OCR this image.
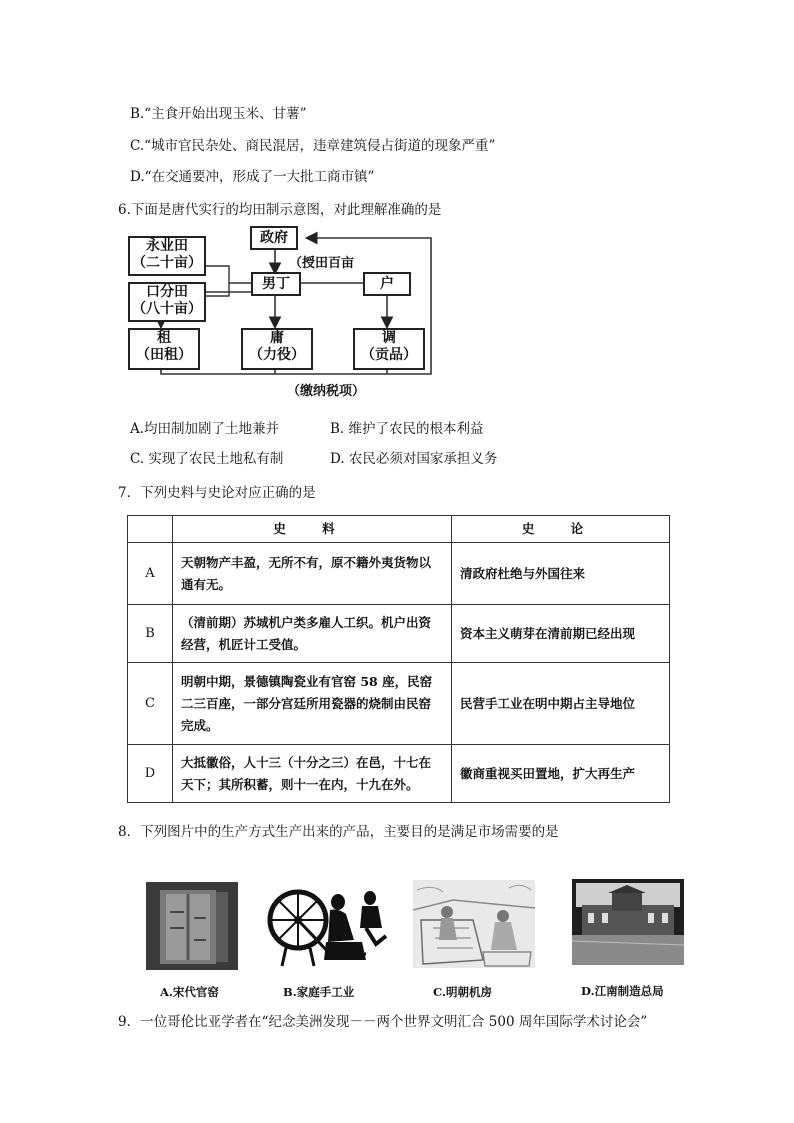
B.“主食开始出现玉米、甘薯”
C.“城市官民杂处、商民混居，违章建筑侵占街道的现象严重”
D.“在交通要冲，形成了一大批工商市镇”
6.下面是唐代实行的均田制示意图，对此理解准确的是
政府
（授田百亩
永业田
（二十亩）
口分田
（八十亩）
男丁	户
租
（田租）
庸
（力役）
调
（贡品）
（缴纳税项）
A.均田制加剧了土地兼并	B. 维护了农民的根本利益
C. 实现了农民土地私有制	D. 农民必须对国家承担义务
7．下列史料与史论对应正确的是
	史 料	史 论
A	天朝物产丰盈，无所不有，原不籍外夷货物以通有无。	清政府杜绝与外国往来
B	（清前期）苏城机户类多雇人工织。机户出资经营，机匠计工受值。	资本主义萌芽在清前期已经出现
C	明朝中期，景德镇陶瓷业有官窑 58 座，民窑二三百座，一部分宫廷所用瓷器的烧制由民窑完成。	民营手工业在明中期占主导地位
D	大抵徽俗，人十三（十分之三）在邑，十七在天下；其所积蓄，则十一在内，十九在外。	徽商重视买田置地，扩大再生产
8．下列图片中的生产方式生产出来的产品，主要目的是满足市场需要的是
A.宋代官窑	B.家庭手工业	C.明朝机房	D.江南制造总局
9．一位哥伦比亚学者在“纪念美洲发现－－两个世界文明汇合 500 周年国际学术讨论会”
